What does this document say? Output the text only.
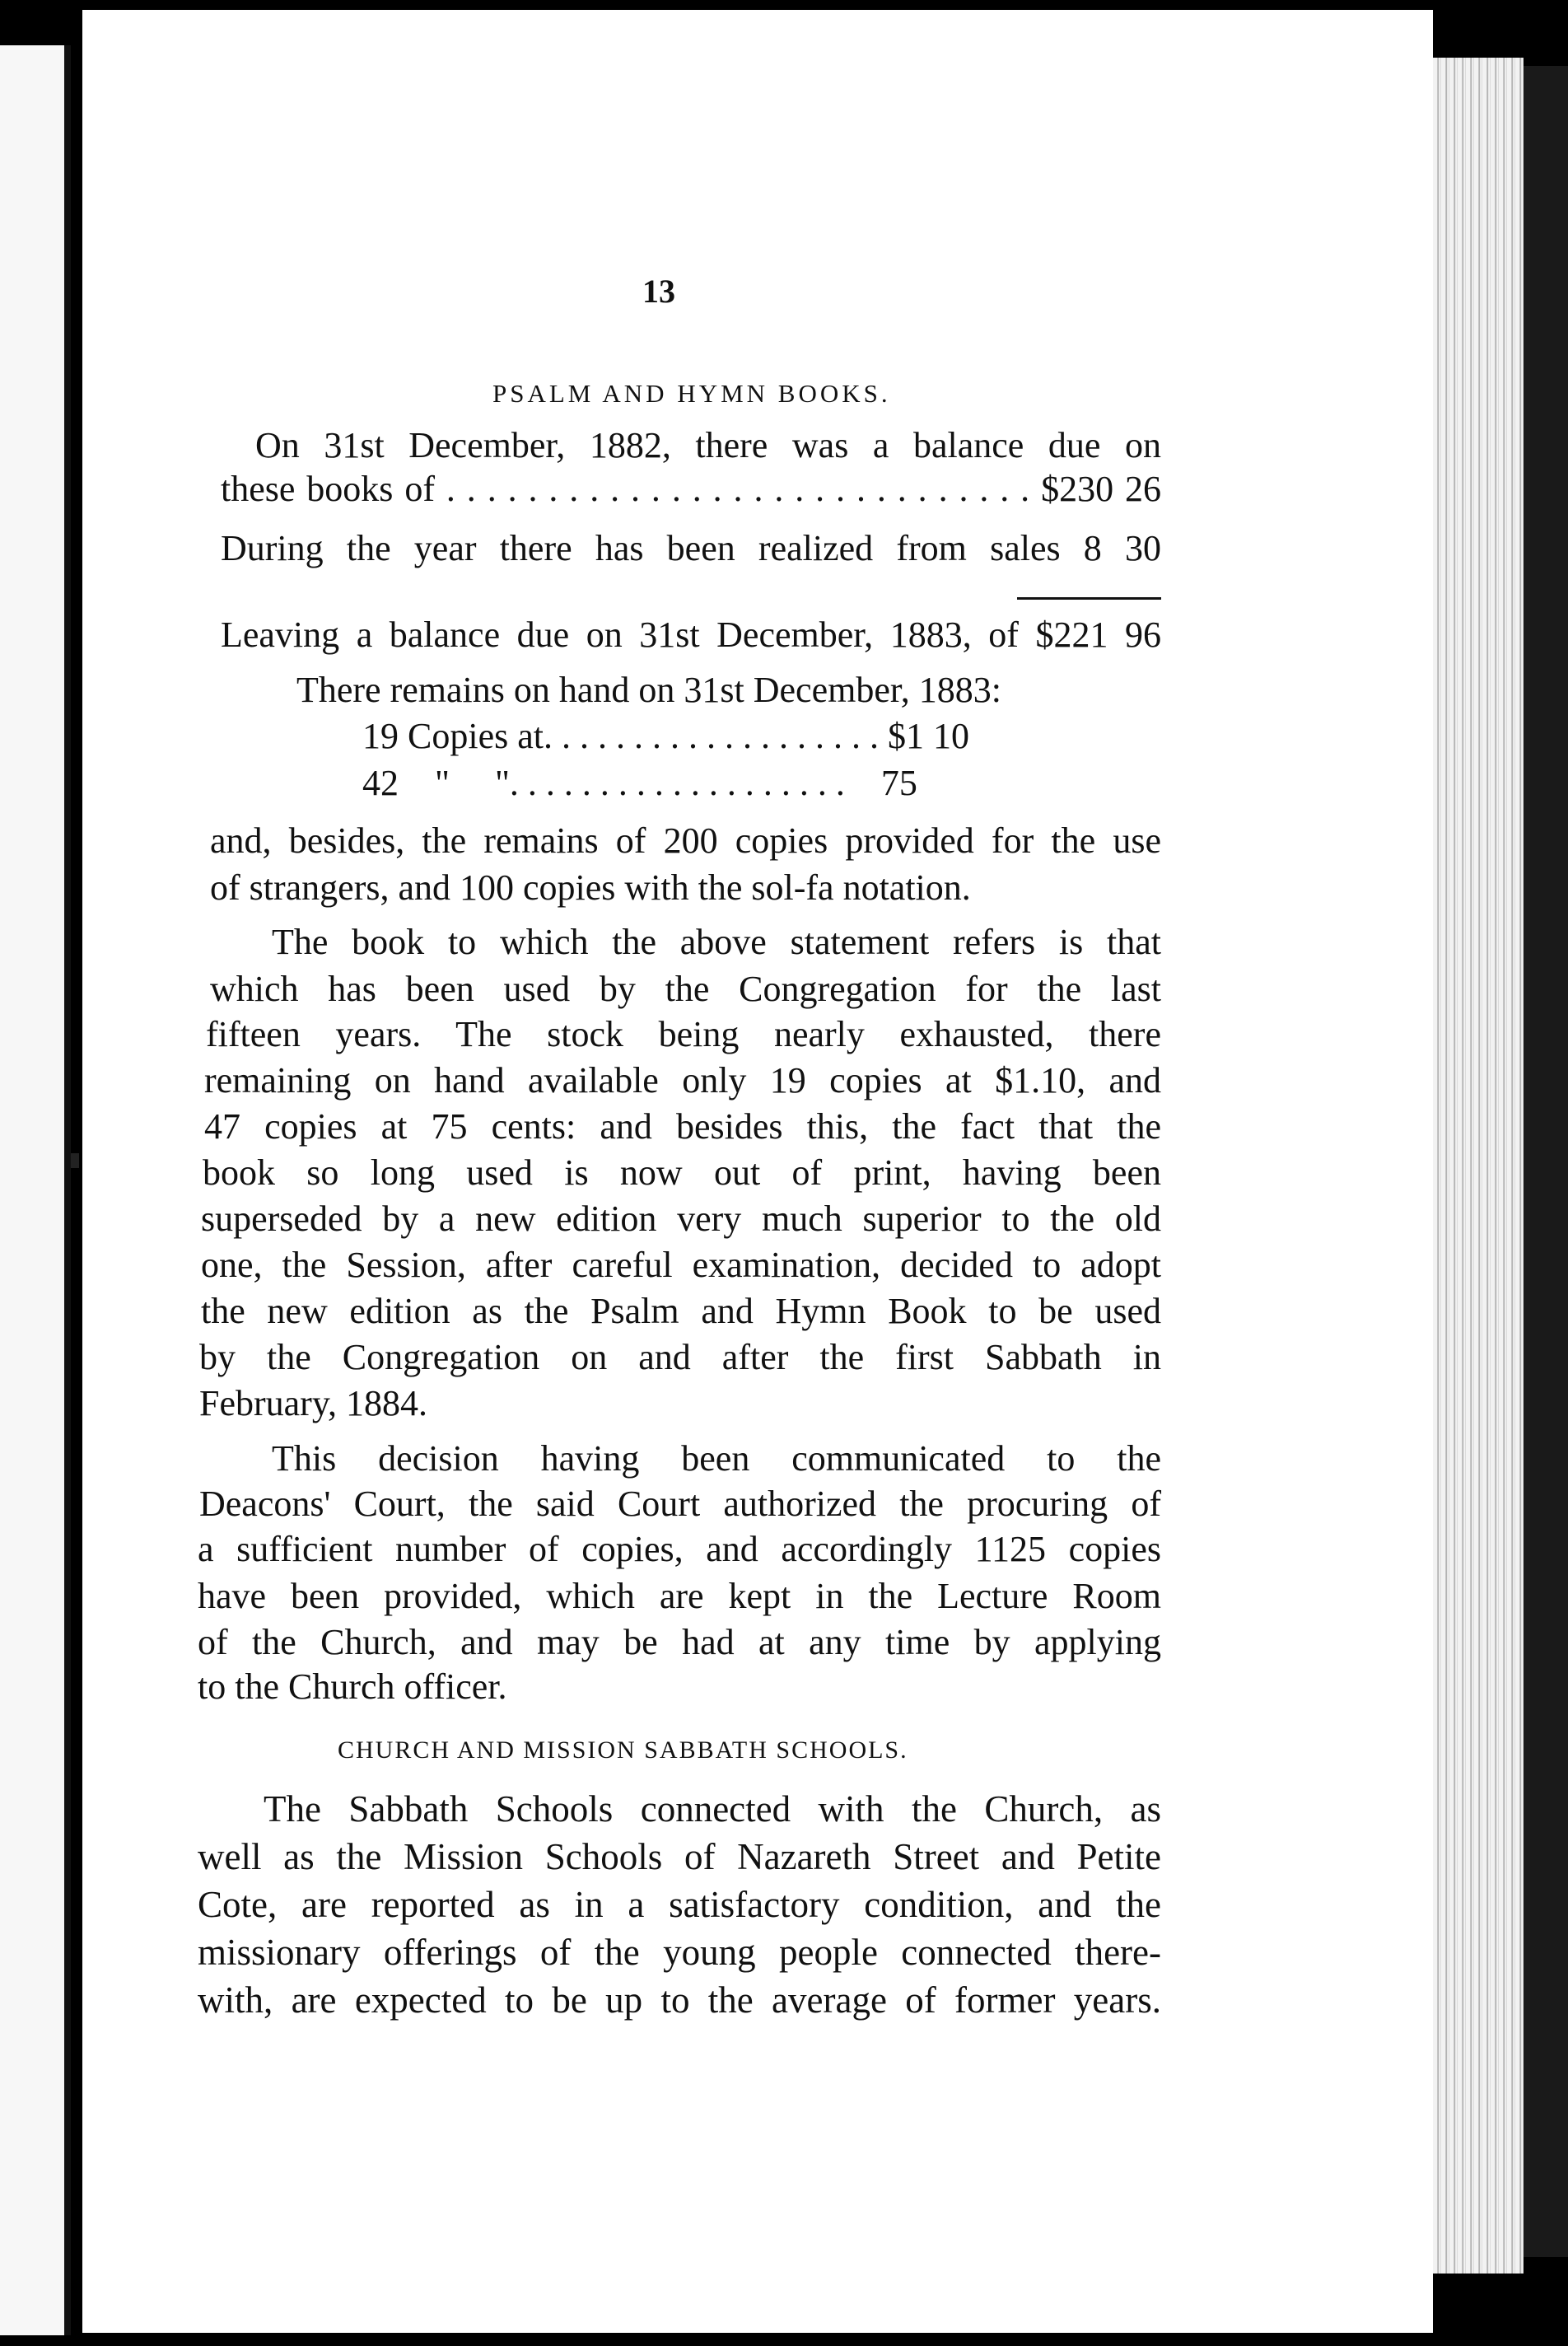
13
PSALM AND HYMN BOOKS.
On 31st December, 1882, there was a balance due on
these books of . . . . . . . . . . . . . . . . . . . . . . . . . . . . . $230 26
During the year there has been realized from sales 8 30
Leaving a balance due on 31st December, 1883, of $221 96
There remains on hand on 31st December, 1883:
19 Copies at. . . . . . . . . . . . . . . . . . . $1 10
42    "     ". . . . . . . . . . . . . . . . . . .    75
and, besides, the remains of 200 copies provided for the use
of strangers, and 100 copies with the sol-fa notation.
The book to which the above statement refers is that
which has been used by the Congregation for the last
fifteen years. The stock being nearly exhausted, there
remaining on hand available only 19 copies at $1.10, and
47 copies at 75 cents: and besides this, the fact that the
book so long used is now out of print, having been
superseded by a new edition very much superior to the old
one, the Session, after careful examination, decided to adopt
the new edition as the Psalm and Hymn Book to be used
by the Congregation on and after the first Sabbath in
February, 1884.
This decision having been communicated to the
Deacons' Court, the said Court authorized the procuring of
a sufficient number of copies, and accordingly 1125 copies
have been provided, which are kept in the Lecture Room
of the Church, and may be had at any time by applying
to the Church officer.
CHURCH AND MISSION SABBATH SCHOOLS.
The Sabbath Schools connected with the Church, as
well as the Mission Schools of Nazareth Street and Petite
Cote, are reported as in a satisfactory condition, and the
missionary offerings of the young people connected there-
with, are expected to be up to the average of former years.
